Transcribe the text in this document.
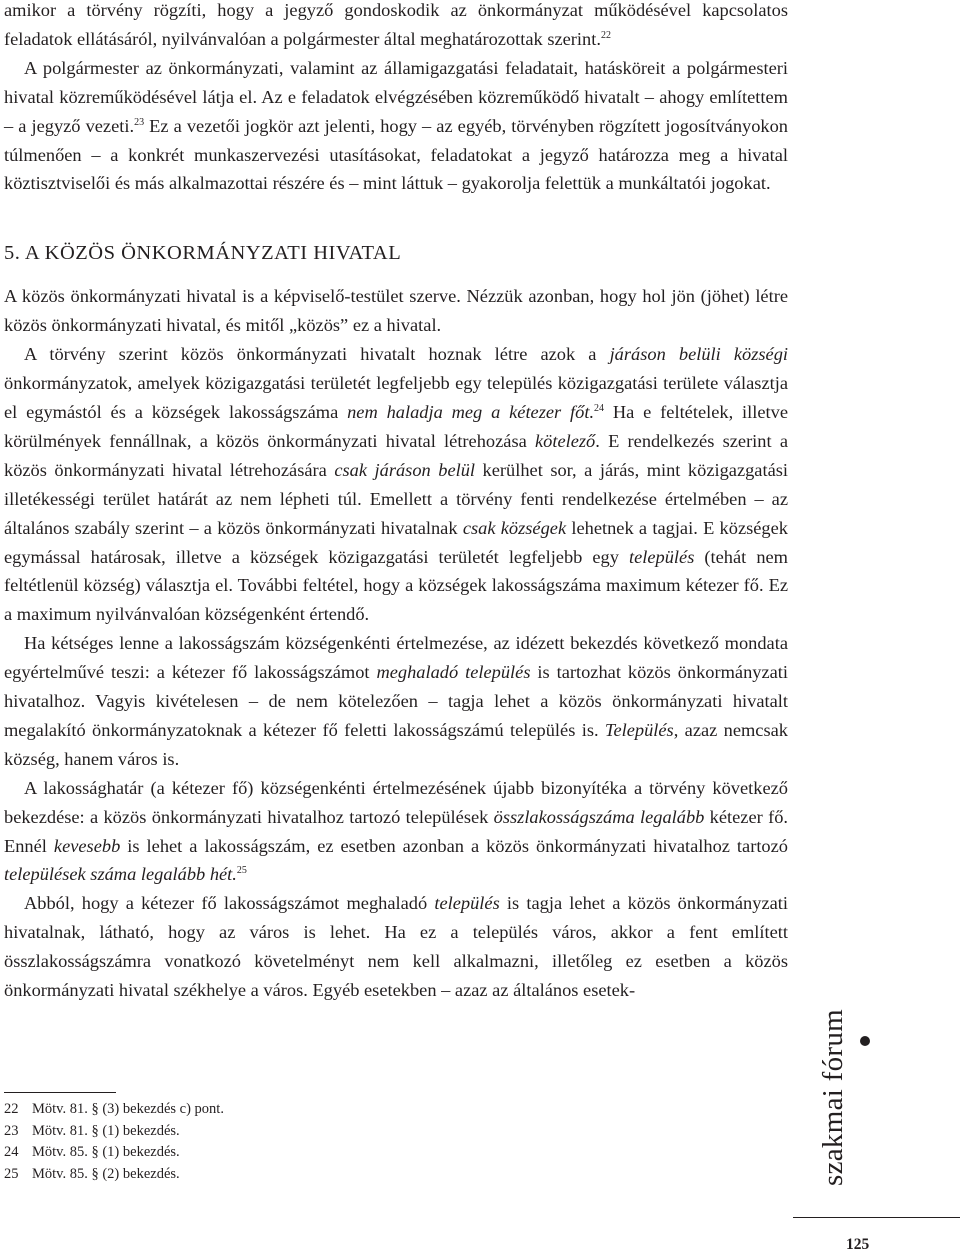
amikor a törvény rögzíti, hogy a jegyző gondoskodik az önkormányzat működésével kapcsolatos feladatok ellátásáról, nyilvánvalóan a polgármester által meghatározottak szerint.$^{22}$

A polgármester az önkormányzati, valamint az államigazgatási feladatait, hatásköreit a polgármesteri hivatal közreműködésével látja el. Az e feladatok elvégzésében közreműködő hivatalt – ahogy említettem – a jegyző vezeti.$^{23}$ Ez a vezetői jogkör azt jelenti, hogy – az egyéb, törvényben rögzített jogosítványokon túlmenően – a konkrét munkaszervezési utasításokat, feladatokat a jegyző határozza meg a hivatal köztisztviselői és más alkalmazottai részére és – mint láttuk – gyakorolja felettük a munkáltatói jogokat.

5. A KÖZÖS ÖNKORMÁNYZATI HIVATAL

A közös önkormányzati hivatal is a képviselő-testület szerve. Nézzük azonban, hogy hol jön (jöhet) létre közös önkormányzati hivatal, és mitől „közös” ez a hivatal.

A törvény szerint közös önkormányzati hivatalt hoznak létre azok a járáson belüli községi önkormányzatok, amelyek közigazgatási területét legfeljebb egy település közigazgatási területe választja el egymástól és a községek lakosságszáma nem haladja meg a kétezer főt.$^{24}$ Ha e feltételek, illetve körülmények fennállnak, a közös önkormányzati hivatal létrehozása kötelező. E rendelkezés szerint a közös önkormányzati hivatal létrehozására csak járáson belül kerülhet sor, a járás, mint közigazgatási illetékességi terület határát az nem lépheti túl. Emellett a törvény fenti rendelkezése értelmében – az általános szabály szerint – a közös önkormányzati hivatalnak csak községek lehetnek a tagjai. E községek egymással határosak, illetve a községek közigazgatási területét legfeljebb egy település (tehát nem feltétlenül község) választja el. További feltétel, hogy a községek lakosságszáma maximum kétezer fő. Ez a maximum nyilvánvalóan községenként értendő.

Ha kétséges lenne a lakosságszám községenkénti értelmezése, az idézett bekezdés következő mondata egyértelművé teszi: a kétezer fő lakosságszámot meghaladó település is tartozhat közös önkormányzati hivatalhoz. Vagyis kivételesen – de nem kötelezően – tagja lehet a közös önkormányzati hivatalt megalakító önkormányzatoknak a kétezer fő feletti lakosságszámú település is. Település, azaz nemcsak község, hanem város is.

A lakossághatár (a kétezer fő) községenkénti értelmezésének újabb bizonyítéka a törvény következő bekezdése: a közös önkormányzati hivatalhoz tartozó települések összlakosságszáma legalább kétezer fő. Ennél kevesebb is lehet a lakosságszám, ez esetben azonban a közös önkormányzati hivatalhoz tartozó települések száma legalább hét.$^{25}$

Abból, hogy a kétezer fő lakosságszámot meghaladó település is tagja lehet a közös önkormányzati hivatalnak, látható, hogy az város is lehet. Ha ez a település város, akkor a fent említett összlakosságszámra vonatkozó követelményt nem kell alkalmazni, illetőleg ez esetben a közös önkormányzati hivatal székhelye a város. Egyéb esetekben – azaz az általános esetek-

22 Mötv. 81. § (3) bekezdés c) pont.

23 Mötv. 81. § (1) bekezdés.

24 Mötv. 85. § (1) bekezdés.

25 Mötv. 85. § (2) bekezdés.	szakmai fórum
125
